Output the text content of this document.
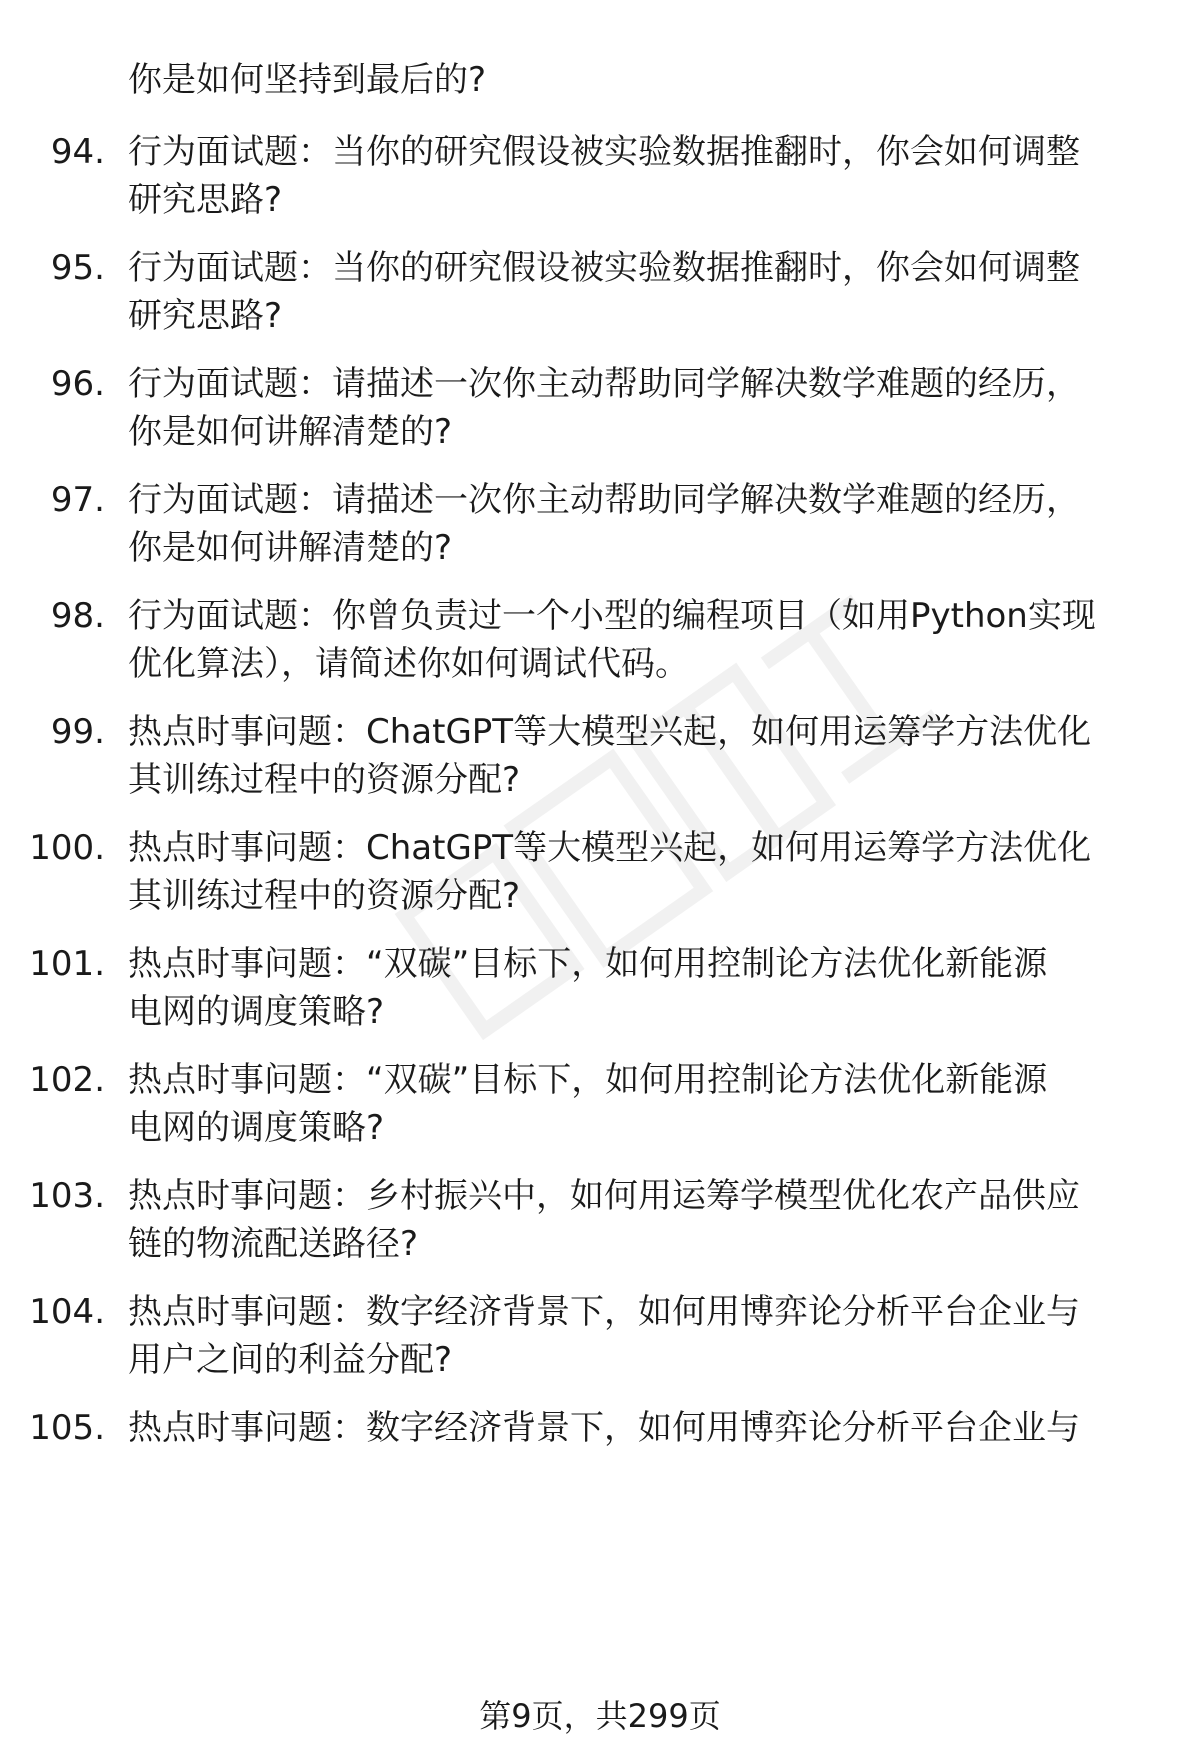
你是如何坚持到最后的?
94. 行为面试题：当你的研究假设被实验数据推翻时，你会如何调整
研究思路?
95. 行为面试题：当你的研究假设被实验数据推翻时，你会如何调整
研究思路?
96. 行为面试题：请描述一次你主动帮助同学解决数学难题的经历，
你是如何讲解清楚的?
97. 行为面试题：请描述一次你主动帮助同学解决数学难题的经历，
你是如何讲解清楚的?
98. 行为面试题：你曾负责过一个小型的编程项目（如用Python实现
优化算法），请简述你如何调试代码。
99. 热点时事问题：ChatGPT等大模型兴起，如何用运筹学方法优化
其训练过程中的资源分配?
100. 热点时事问题：ChatGPT等大模型兴起，如何用运筹学方法优化
其训练过程中的资源分配?
101. 热点时事问题：“双碳”目标下，如何用控制论方法优化新能源
电网的调度策略?
102. 热点时事问题：“双碳”目标下，如何用控制论方法优化新能源
电网的调度策略?
103. 热点时事问题：乡村振兴中，如何用运筹学模型优化农产品供应
链的物流配送路径?
104. 热点时事问题：数字经济背景下，如何用博弈论分析平台企业与
用户之间的利益分配?
105. 热点时事问题：数字经济背景下，如何用博弈论分析平台企业与
第9页，共299页
